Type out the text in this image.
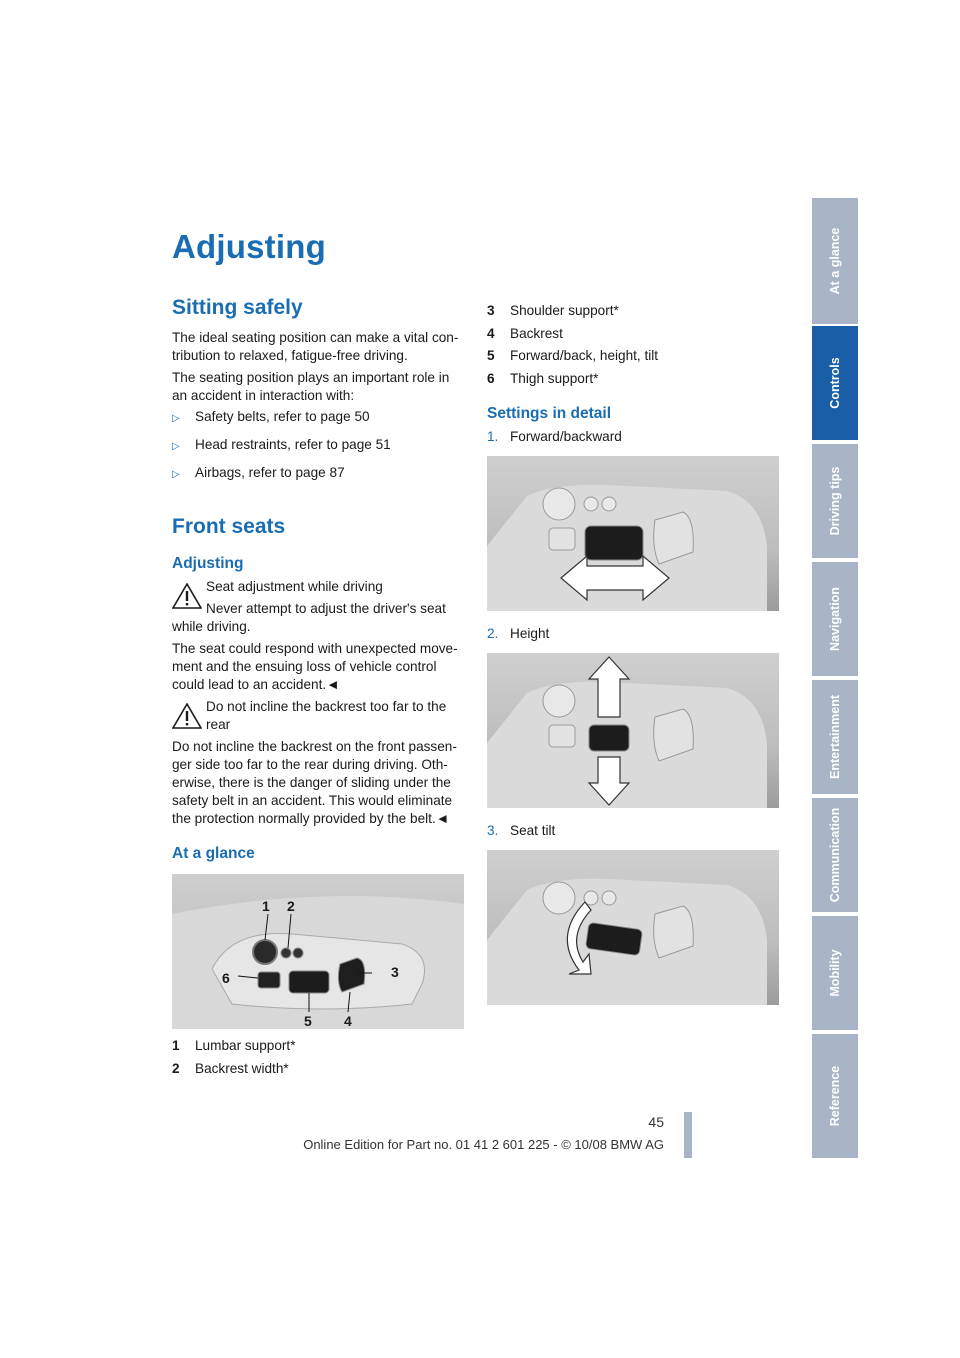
Adjusting
Sitting safely
The ideal seating position can make a vital con-
tribution to relaxed, fatigue-free driving.
The seating position plays an important role in
an accident in interaction with:
▷ Safety belts, refer to page 50
▷ Head restraints, refer to page 51
▷ Airbags, refer to page 87
Front seats
Adjusting
Seat adjustment while driving
Never attempt to adjust the driver's seat
while driving.
The seat could respond with unexpected move-
ment and the ensuing loss of vehicle control
could lead to an accident.◄
Do not incline the backrest too far to the
rear
Do not incline the backrest on the front passen-
ger side too far to the rear during driving. Oth-
erwise, there is the danger of sliding under the
safety belt in an accident. This would eliminate
the protection normally provided by the belt.◄
At a glance
1 2
3
4
5
6
1 Lumbar support*
2 Backrest width*
3 Shoulder support*
4 Backrest
5 Forward/back, height, tilt
6 Thigh support*
Settings in detail
1. Forward/backward
2. Height
3. Seat tilt
At a glance
Controls
Driving tips
Navigation
Entertainment
Communication
Mobility
Reference
45
Online Edition for Part no. 01 41 2 601 225 - © 10/08 BMW AG
